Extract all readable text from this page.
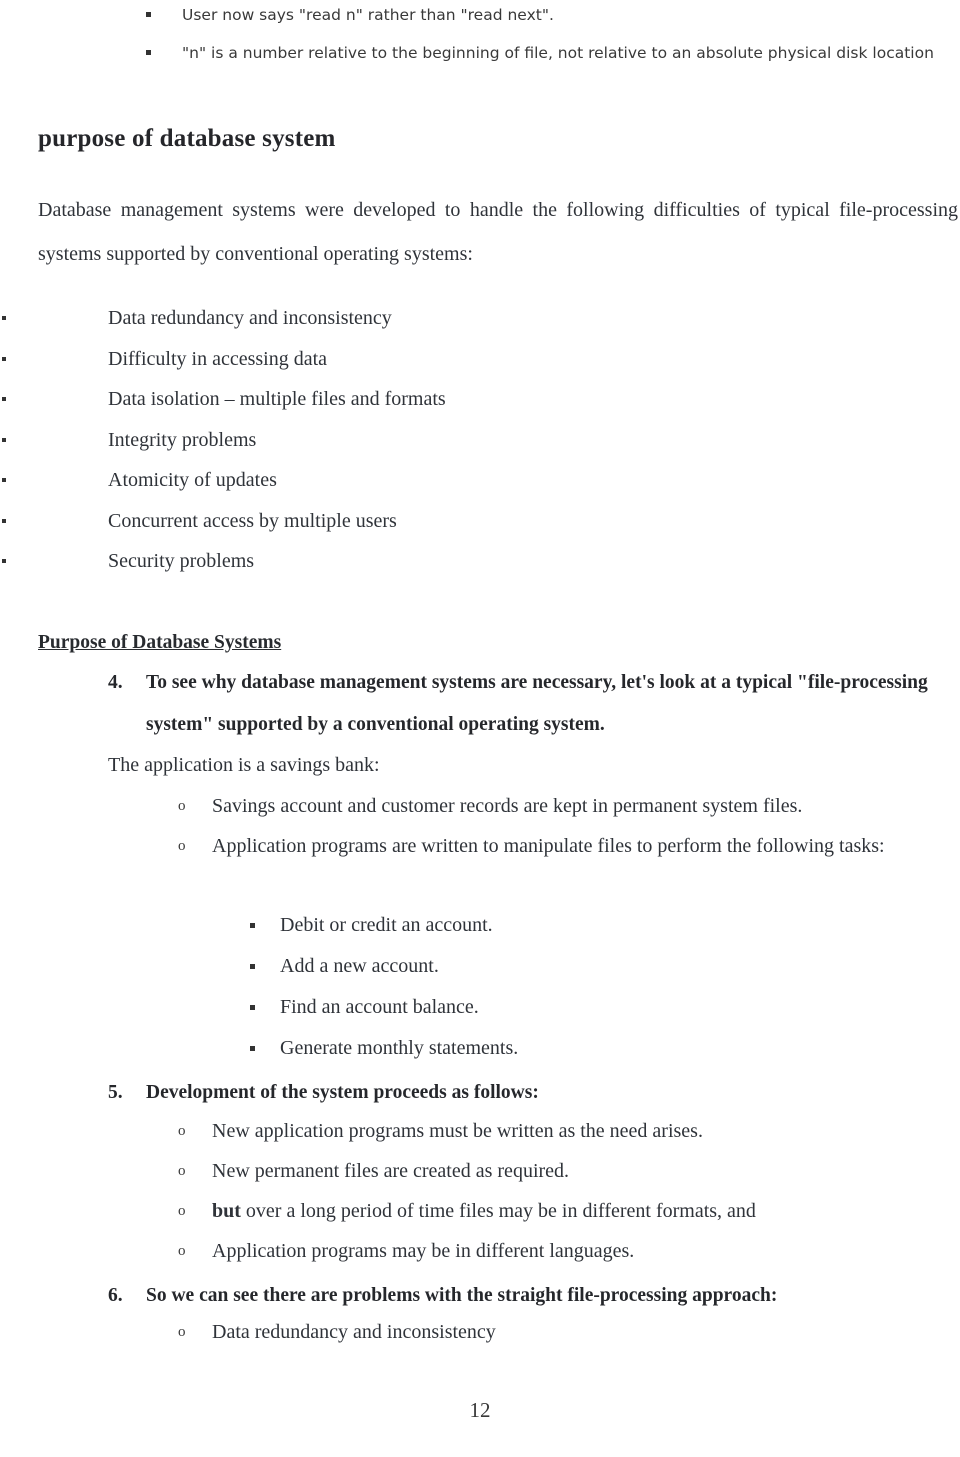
User now says "read n" rather than "read next".
"n" is a number relative to the beginning of file, not relative to an absolute physical disk location
purpose of database system
Database management systems were developed to handle the following difficulties of typical file-processing systems supported by conventional operating systems:
Data redundancy and inconsistency
Difficulty in accessing data
Data isolation – multiple files and formats
Integrity problems
Atomicity of updates
Concurrent access by multiple users
Security problems
Purpose of Database Systems
4. To see why database management systems are necessary, let's look at a typical "file-processing system" supported by a conventional operating system.
The application is a savings bank:
o Savings account and customer records are kept in permanent system files.
o Application programs are written to manipulate files to perform the following tasks:
Debit or credit an account.
Add a new account.
Find an account balance.
Generate monthly statements.
5. Development of the system proceeds as follows:
o New application programs must be written as the need arises.
o New permanent files are created as required.
o but over a long period of time files may be in different formats, and
o Application programs may be in different languages.
6. So we can see there are problems with the straight file-processing approach:
o Data redundancy and inconsistency
12
